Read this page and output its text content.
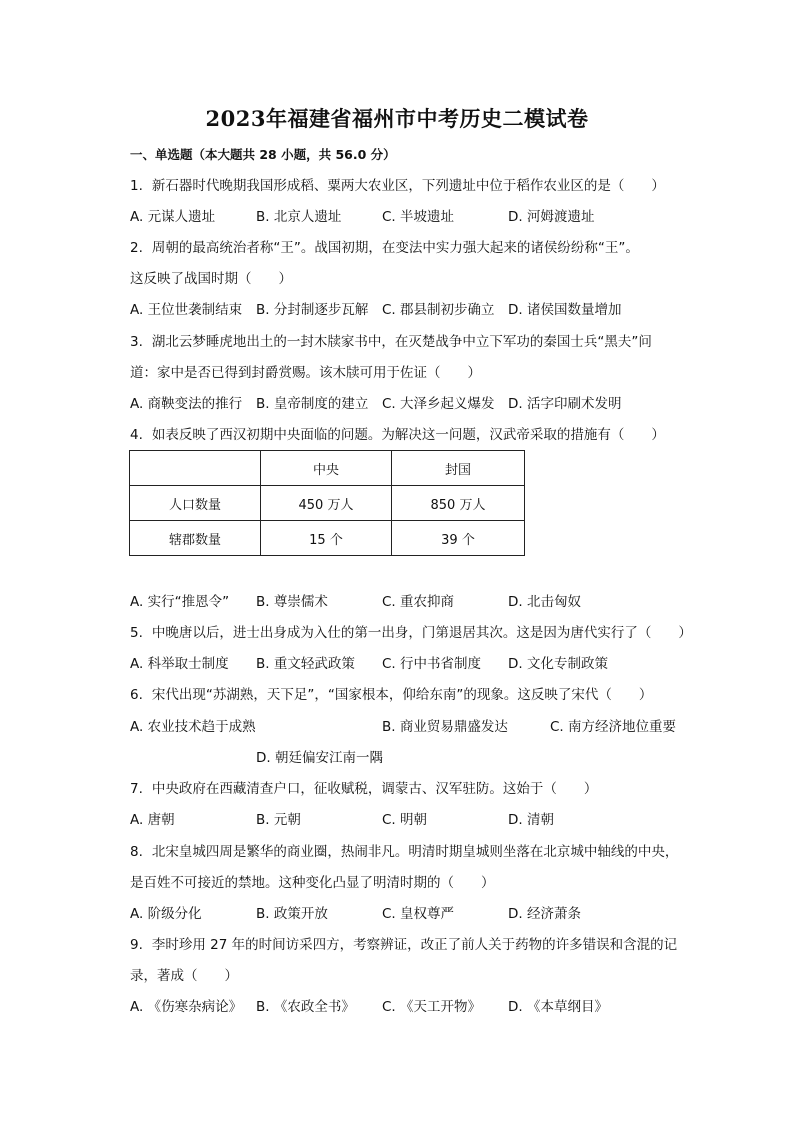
2023年福建省福州市中考历史二模试卷
一、单选题（本大题共 28 小题，共 56.0 分）
1. 新石器时代晚期我国形成稻、粟两大农业区，下列遗址中位于稻作农业区的是（　　）
A. 元谋人遗址	B. 北京人遗址	C. 半坡遗址	D. 河姆渡遗址
2. 周朝的最高统治者称“王”。战国初期，在变法中实力强大起来的诸侯纷纷称“王”。
这反映了战国时期（　　）
A. 王位世袭制结束 B. 分封制逐步瓦解 C. 郡县制初步确立 D. 诸侯国数量增加
3. 湖北云梦睡虎地出土的一封木牍家书中，在灭楚战争中立下军功的秦国士兵“黑夫”问
道：家中是否已得到封爵赏赐。该木牍可用于佐证（　　）
A. 商鞅变法的推行 B. 皇帝制度的建立 C. 大泽乡起义爆发 D. 活字印刷术发明
4. 如表反映了西汉初期中央面临的问题。为解决这一问题，汉武帝采取的措施有（　　）
	中央	封国
人口数量	450 万人	850 万人
辖郡数量	15 个	39 个
A. 实行“推恩令” B. 尊崇儒术	C. 重农抑商	D. 北击匈奴
5. 中晚唐以后，进士出身成为入仕的第一出身，门第退居其次。这是因为唐代实行了（　　）
A. 科举取士制度 B. 重文轻武政策 C. 行中书省制度 D. 文化专制政策
6. 宋代出现“苏湖熟，天下足”，“国家根本，仰给东南”的现象。这反映了宋代（　　）
A. 农业技术趋于成熟	B. 商业贸易鼎盛发达	C. 南方经济地位重要
D. 朝廷偏安江南一隅
7. 中央政府在西藏清查户口，征收赋税，调蒙古、汉军驻防。这始于（　　）
A. 唐朝	B. 元朝	C. 明朝	D. 清朝
8. 北宋皇城四周是繁华的商业圈，热闹非凡。明清时期皇城则坐落在北京城中轴线的中央，
是百姓不可接近的禁地。这种变化凸显了明清时期的（　　）
A. 阶级分化	B. 政策开放	C. 皇权尊严	D. 经济萧条
9. 李时珍用 27 年的时间访采四方，考察辨证，改正了前人关于药物的许多错误和含混的记
录，著成（　　）
A. 《伤寒杂病论》 B. 《农政全书》 C. 《天工开物》 D. 《本草纲目》
